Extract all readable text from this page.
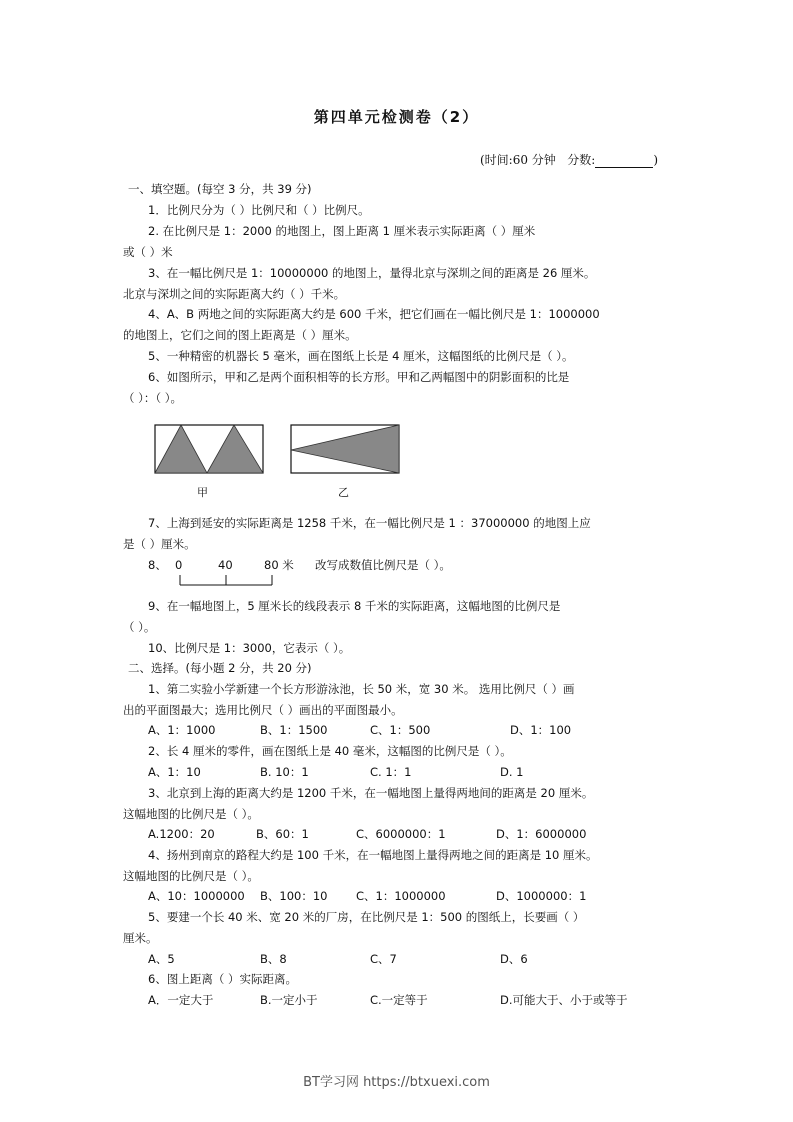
第四单元检测卷（2）
(时间:60 分钟 分数:	)
一、填空题。(每空 3 分，共 39 分)
1．比例尺分为（ ）比例尺和（ ）比例尺。
2. 在比例尺是 1：2000 的地图上，图上距离 1 厘米表示实际距离（ ）厘米
或（ ）米
3、在一幅比例尺是 1：10000000 的地图上，量得北京与深圳之间的距离是 26 厘米。
北京与深圳之间的实际距离大约（ ）千米。
4、A、B 两地之间的实际距离大约是 600 千米，把它们画在一幅比例尺是 1：1000000
的地图上，它们之间的图上距离是（ ）厘米。
5、一种精密的机器长 5 毫米，画在图纸上长是 4 厘米，这幅图纸的比例尺是（ ）。
6、如图所示，甲和乙是两个面积相等的长方形。甲和乙两幅图中的阴影面积的比是
（ ）：（ ）。
甲	乙
7、上海到延安的实际距离是 1258 千米，在一幅比例尺是 1 ：37000000 的地图上应
是（ ）厘米。
8、 0	40	80 米 改写成数值比例尺是（ ）。
9、在一幅地图上，5 厘米长的线段表示 8 千米的实际距离，这幅地图的比例尺是
（ ）。
10、比例尺是 1：3000，它表示（ ）。
二、选择。(每小题 2 分，共 20 分)
1、第二实验小学新建一个长方形游泳池，长 50 米，宽 30 米。 选用比例尺（ ）画
出的平面图最大；选用比例尺（ ）画出的平面图最小。
A、1：1000	B、1：1500	C、1：500	D、1：100
2、长 4 厘米的零件，画在图纸上是 40 毫米，这幅图的比例尺是（ ）。
A、1：10	B. 10：1	C. 1：1	D. 1
3、北京到上海的距离大约是 1200 千米，在一幅地图上量得两地间的距离是 20 厘米。
这幅地图的比例尺是（ ）。
A.1200：20	B、60：1	C、6000000：1	D、1：6000000
4、扬州到南京的路程大约是 100 千米，在一幅地图上量得两地之间的距离是 10 厘米。
这幅地图的比例尺是（ ）。
A、10：1000000 B、100：10 C、1：1000000	D、1000000：1
5、要建一个长 40 米、宽 20 米的厂房，在比例尺是 1：500 的图纸上，长要画（ ）
厘米。
A、5	B、8	C、7	D、6
6、图上距离（ ）实际距离。
A．一定大于	B.一定小于	C.一定等于	D.可能大于、小于或等于
BT学习网 https://btxuexi.com
